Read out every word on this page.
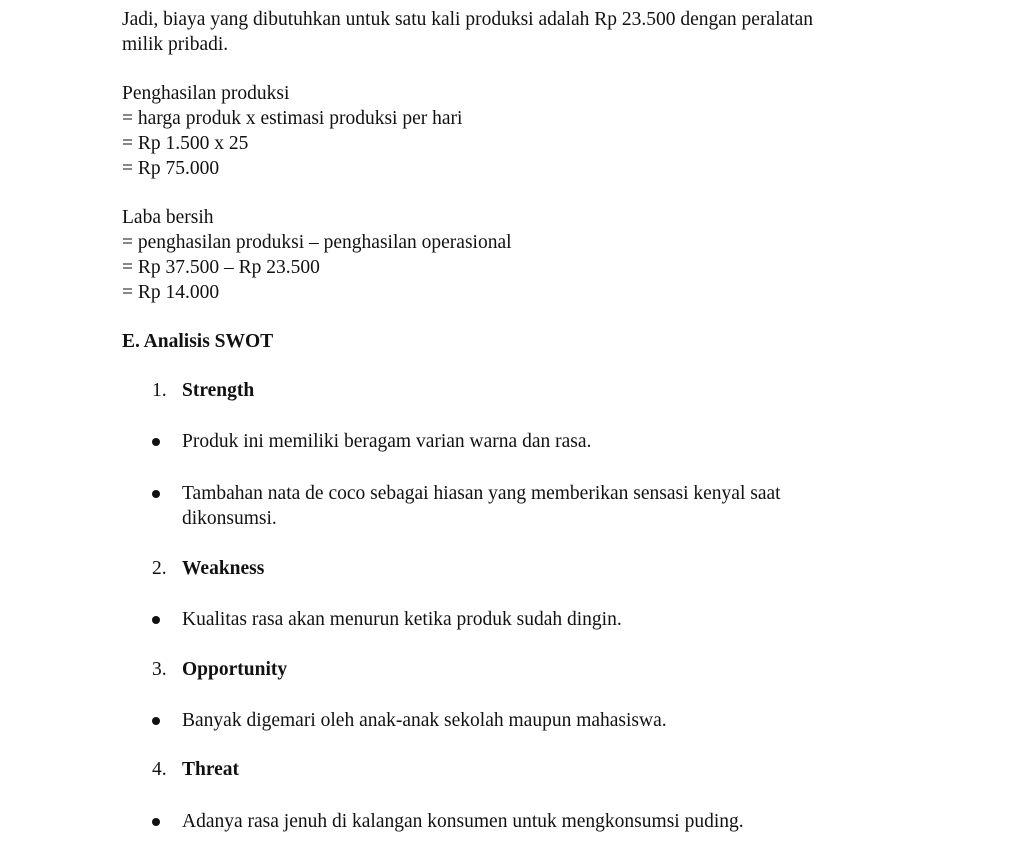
Jadi, biaya yang dibutuhkan untuk satu kali produksi adalah Rp 23.500 dengan peralatan
milik pribadi.
Penghasilan produksi
= harga produk x estimasi produksi per hari
= Rp 1.500 x 25
= Rp 75.000
Laba bersih
= penghasilan produksi – penghasilan operasional
= Rp 37.500 – Rp 23.500
= Rp 14.000
E. Analisis SWOT
1. Strength
Produk ini memiliki beragam varian warna dan rasa.
Tambahan nata de coco sebagai hiasan yang memberikan sensasi kenyal saat dikonsumsi.
2. Weakness
Kualitas rasa akan menurun ketika produk sudah dingin.
3. Opportunity
Banyak digemari oleh anak-anak sekolah maupun mahasiswa.
4. Threat
Adanya rasa jenuh di kalangan konsumen untuk mengkonsumsi puding.
